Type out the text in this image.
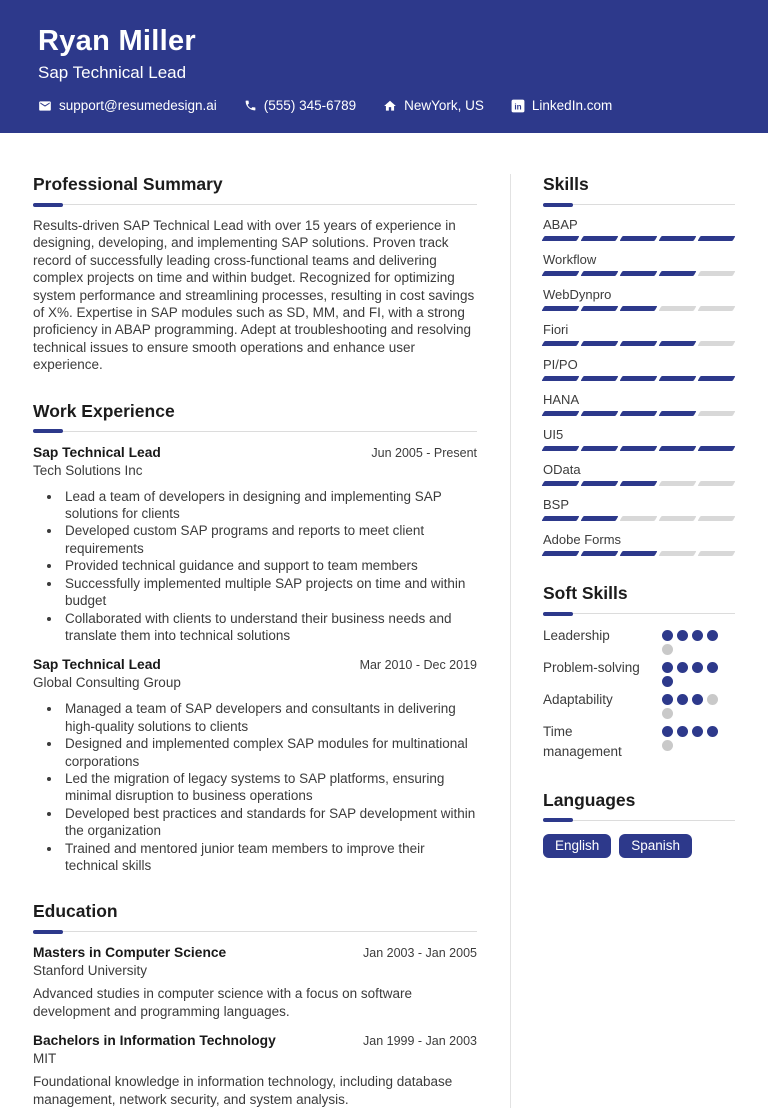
Ryan Miller
Sap Technical Lead
support@resumedesign.ai	(555) 345-6789	NewYork, US in LinkedIn.com
Professional Summary

Results-driven SAP Technical Lead with over 15 years of experience in designing, developing, and implementing SAP solutions. Proven track record of successfully leading cross-functional teams and delivering complex projects on time and within budget. Recognized for optimizing system performance and streamlining processes, resulting in cost savings of X%. Expertise in SAP modules such as SD, MM, and FI, with a strong proficiency in ABAP programming. Adept at troubleshooting and resolving technical issues to ensure smooth operations and enhance user experience.

Work Experience
Sap Technical Lead	Jun 2005 - Present
Tech Solutions Inc
• Lead a team of developers in designing and implementing SAP solutions for clients
• Developed custom SAP programs and reports to meet client requirements
• Provided technical guidance and support to team members
• Successfully implemented multiple SAP projects on time and within budget
• Collaborated with clients to understand their business needs and translate them into technical solutions
Sap Technical Lead	Mar 2010 - Dec 2019
Global Consulting Group
• Managed a team of SAP developers and consultants in delivering high-quality solutions to clients
• Designed and implemented complex SAP modules for multinational corporations
• Led the migration of legacy systems to SAP platforms, ensuring minimal disruption to business operations
• Developed best practices and standards for SAP development within the organization
• Trained and mentored junior team members to improve their technical skills
Education
Masters in Computer Science	Jan 2003 - Jan 2005
Stanford University

Advanced studies in computer science with a focus on software development and programming languages.

Bachelors in Information Technology	Jan 1999 - Jan 2003
MIT

Foundational knowledge in information technology, including database management, network security, and system analysis.

Skills
ABAP
Workflow
WebDynpro
Fiori
PI/PO
HANA
UI5
OData
BSP
Adobe Forms
Soft Skills
Leadership
Problem-solving
Adaptability
Time management
Languages
English	Spanish
